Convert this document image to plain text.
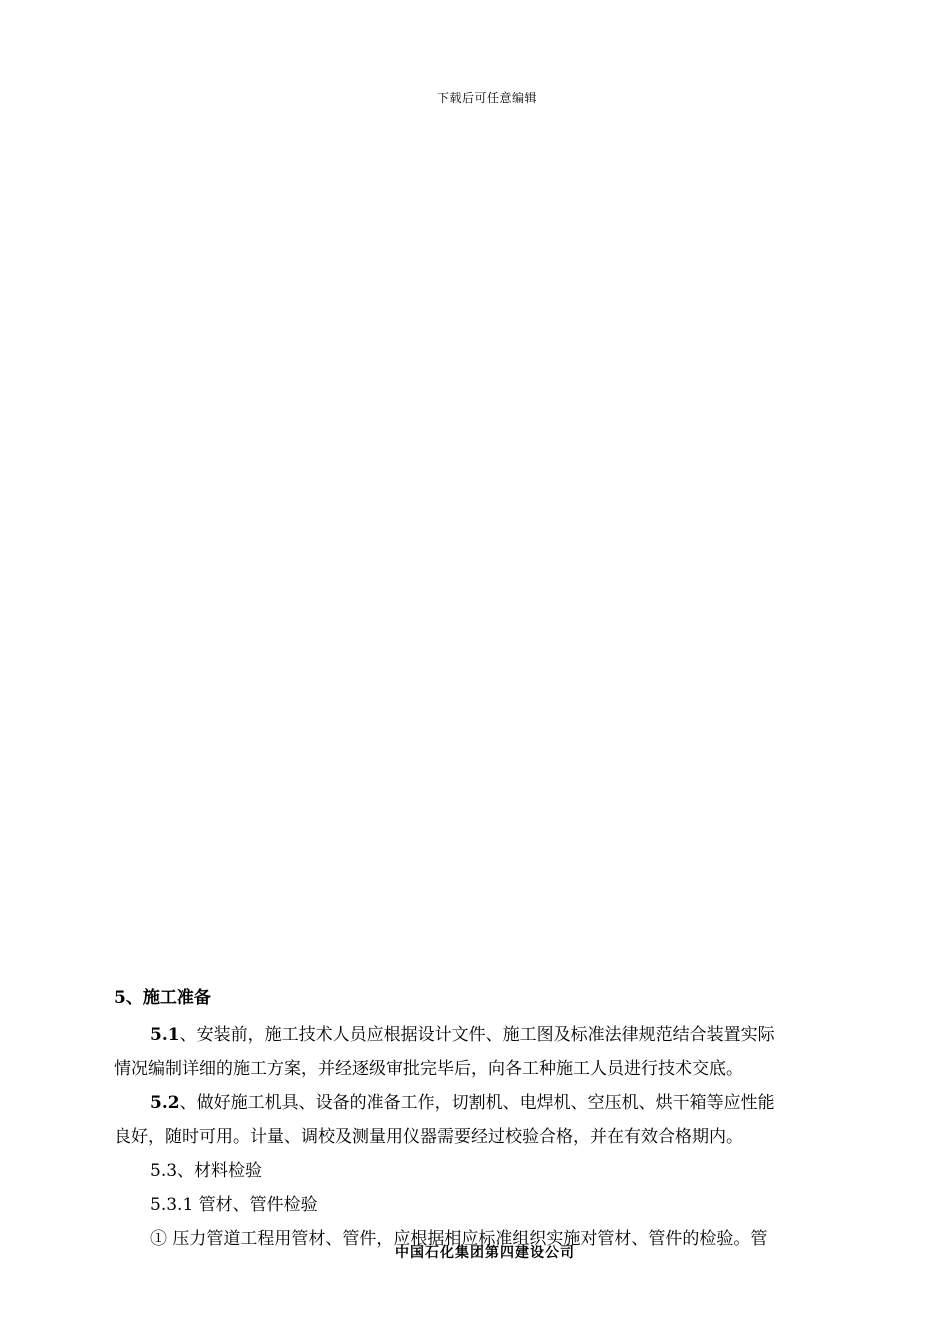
下载后可任意编辑
5、施工准备
5.1、安装前，施工技术人员应根据设计文件、施工图及标准法律规范结合装置实际
情况编制详细的施工方案，并经逐级审批完毕后，向各工种施工人员进行技术交底。
5.2、做好施工机具、设备的准备工作，切割机、电焊机、空压机、烘干箱等应性能
良好，随时可用。计量、调校及测量用仪器需要经过校验合格，并在有效合格期内。
5.3、材料检验
5.3.1 管材、管件检验
① 压力管道工程用管材、管件，应根据相应标准组织实施对管材、管件的检验。管
中国石化集团第四建设公司
